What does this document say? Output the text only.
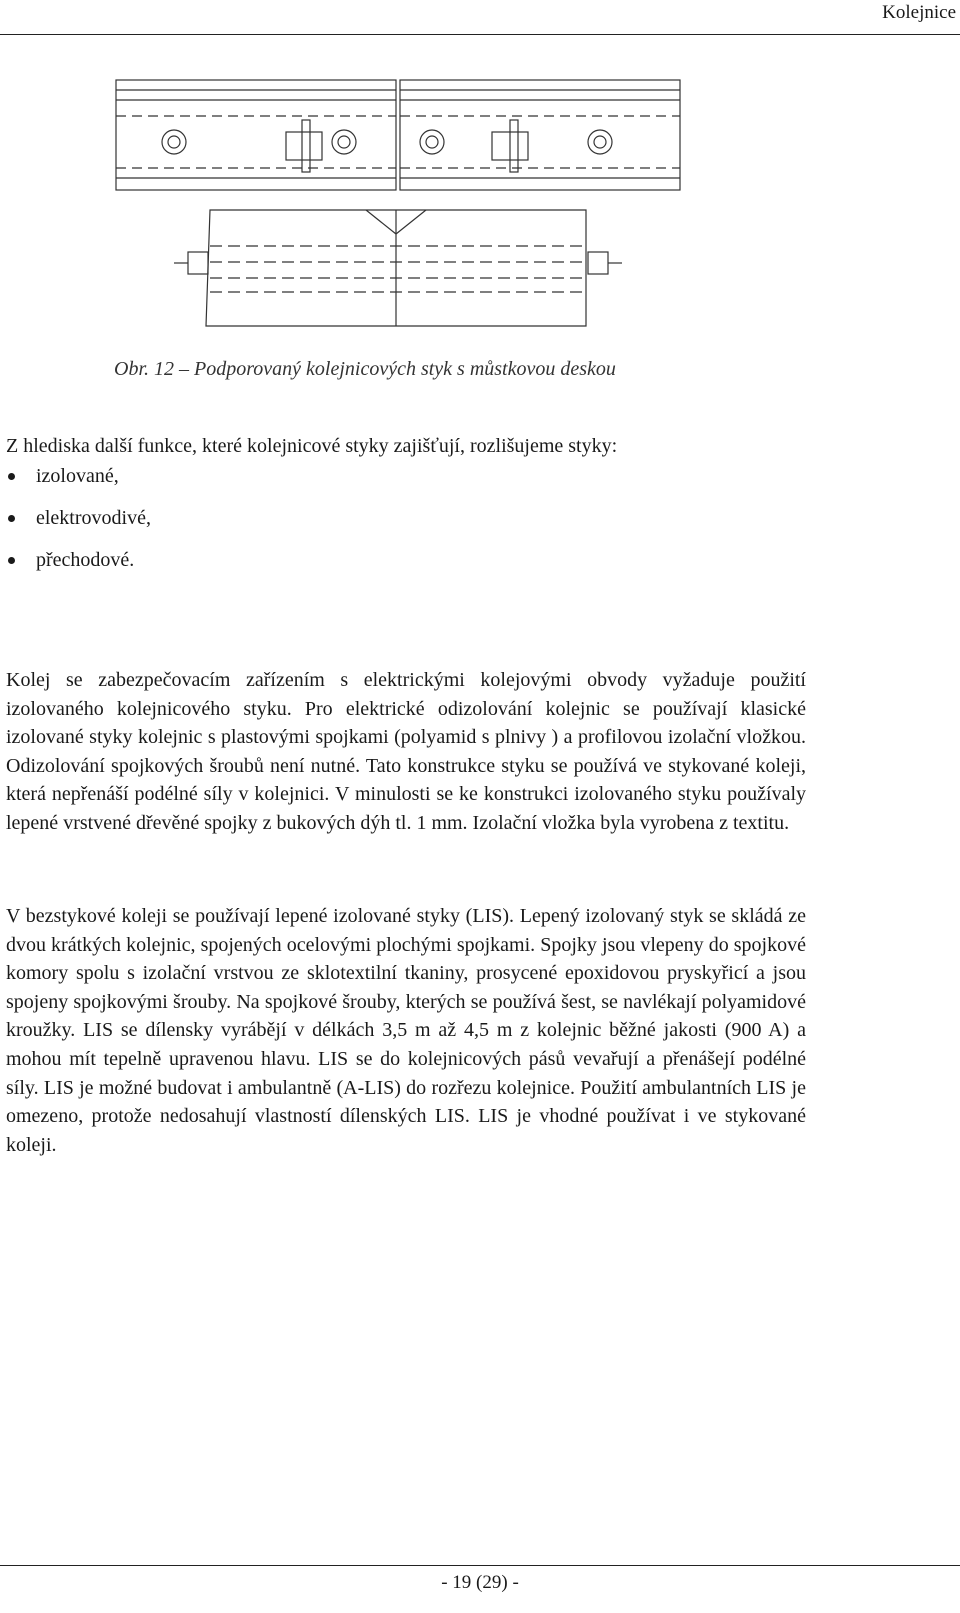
Kolejnice
Obr. 12 – Podporovaný kolejnicových styk s můstkovou deskou
Z hlediska další funkce, které kolejnicové styky zajišťují, rozlišujeme styky:
izolované,
elektrovodivé,
přechodové.
Kolej se zabezpečovacím zařízením s elektrickými kolejovými obvody vyžaduje použití izolovaného kolejnicového styku. Pro elektrické odizolování kolejnic se používají klasické izolované styky kolejnic s plastovými spojkami (polyamid s plnivy ) a profilovou izolační vložkou. Odizolování spojkových šroubů není nutné. Tato konstrukce styku se používá ve stykované koleji, která nepřenáší podélné síly v kolejnici. V minulosti se ke konstrukci izolovaného styku používaly lepené vrstvené dřevěné spojky z bukových dýh tl. 1 mm. Izolační vložka byla vyrobena z textitu.
V bezstykové koleji se používají lepené izolované styky (LIS). Lepený izolovaný styk se skládá ze dvou krátkých kolejnic, spojených ocelovými plochými spojkami. Spojky jsou vlepeny do spojkové komory spolu s izolační vrstvou ze sklotextilní tkaniny, prosycené epoxidovou pryskyřicí a jsou spojeny spojkovými šrouby. Na spojkové šrouby, kterých se používá šest, se navlékají polyamidové kroužky. LIS se dílensky vyrábějí v délkách 3,5 m až 4,5 m z kolejnic běžné jakosti (900 A) a mohou mít tepelně upravenou hlavu. LIS se do kolejnicových pásů vevařují a přenášejí podélné síly. LIS je možné budovat i ambulantně (A-LIS) do rozřezu kolejnice. Použití ambulantních LIS je omezeno, protože nedosahují vlastností dílenských LIS. LIS je vhodné používat i ve stykované koleji.
- 19 (29) -
